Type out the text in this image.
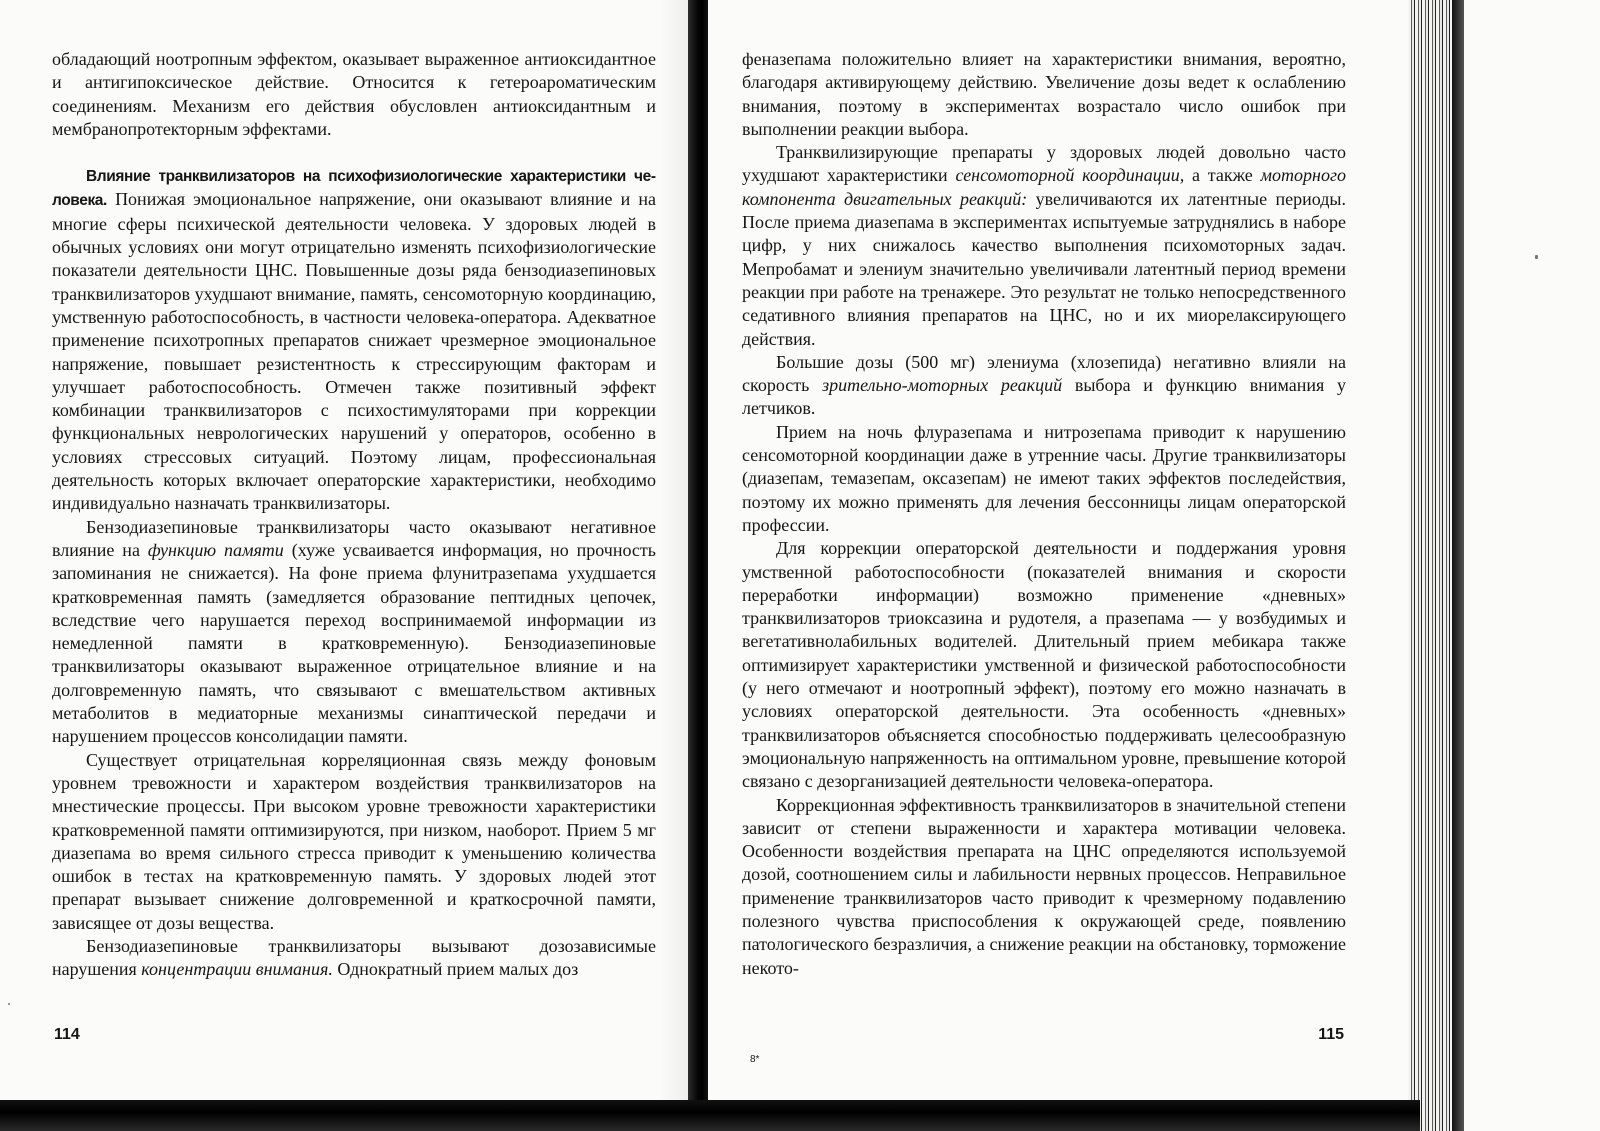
обладающий ноотропным эффектом, оказывает выраженное антиоксидантное и антигипоксическое действие. Относится к гетероароматическим соединениям. Механизм его действия обусловлен антиоксидантным и мембранопротекторным эффектами.

Влияние транквилизаторов на психофизиологические характеристики человека. Понижая эмоциональное напряжение, они оказывают влияние и на многие сферы психической деятельности человека. У здоровых людей в обычных условиях они могут отрицательно изменять психофизиологические показатели деятельности ЦНС. Повышенные дозы ряда бензодиазепиновых транквилизаторов ухудшают внимание, память, сенсомоторную координацию, умственную работоспособность, в частности человека-оператора. Адекватное применение психотропных препаратов снижает чрезмерное эмоциональное напряжение, повышает резистентность к стрессирующим факторам и улучшает работоспособность. Отмечен также позитивный эффект комбинации транквилизаторов с психостимуляторами при коррекции функциональных неврологических нарушений у операторов, особенно в условиях стрессовых ситуаций. Поэтому лицам, профессиональная деятельность которых включает операторские характеристики, необходимо индивидуально назначать транквилизаторы.

Бензодиазепиновые транквилизаторы часто оказывают негативное влияние на функцию памяти (хуже усваивается информация, но прочность запоминания не снижается). На фоне приема флунитразепама ухудшается кратковременная память (замедляется образование пептидных цепочек, вследствие чего нарушается переход воспринимаемой информации из немедленной памяти в кратковременную). Бензодиазепиновые транквилизаторы оказывают выраженное отрицательное влияние и на долговременную память, что связывают с вмешательством активных метаболитов в медиаторные механизмы синаптической передачи и нарушением процессов консолидации памяти.

Существует отрицательная корреляционная связь между фоновым уровнем тревожности и характером воздействия транквилизаторов на мнестические процессы. При высоком уровне тревожности характеристики кратковременной памяти оптимизируются, при низком, наоборот. Прием 5 мг диазепама во время сильного стресса приводит к уменьшению количества ошибок в тестах на кратковременную память. У здоровых людей этот препарат вызывает снижение долговременной и краткосрочной памяти, зависящее от дозы вещества.

Бензодиазепиновые транквилизаторы вызывают дозозависимые нарушения концентрации внимания. Однократный прием малых доз

114

феназепама положительно влияет на характеристики внимания, вероятно, благодаря активирующему действию. Увеличение дозы ведет к ослаблению внимания, поэтому в экспериментах возрастало число ошибок при выполнении реакции выбора.

Транквилизирующие препараты у здоровых людей довольно часто ухудшают характеристики сенсомоторной координации, а также моторного компонента двигательных реакций: увеличиваются их латентные периоды. После приема диазепама в экспериментах испытуемые затруднялись в наборе цифр, у них снижалось качество выполнения психомоторных задач. Мепробамат и элениум значительно увеличивали латентный период времени реакции при работе на тренажере. Это результат не только непосредственного седативного влияния препаратов на ЦНС, но и их миорелаксирующего действия.

Большие дозы (500 мг) элениума (хлозепида) негативно влияли на скорость зрительно-моторных реакций выбора и функцию внимания у летчиков.

Прием на ночь флуразепама и нитрозепама приводит к нарушению сенсомоторной координации даже в утренние часы. Другие транквилизаторы (диазепам, темазепам, оксазепам) не имеют таких эффектов последействия, поэтому их можно применять для лечения бессонницы лицам операторской профессии.

Для коррекции операторской деятельности и поддержания уровня умственной работоспособности (показателей внимания и скорости переработки информации) возможно применение «дневных» транквилизаторов триоксазина и рудотеля, а празепама — у возбудимых и вегетативнолабильных водителей. Длительный прием мебикара также оптимизирует характеристики умственной и физической работоспособности (у него отмечают и ноотропный эффект), поэтому его можно назначать в условиях операторской деятельности. Эта особенность «дневных» транквилизаторов объясняется способностью поддерживать целесообразную эмоциональную напряженность на оптимальном уровне, превышение которой связано с дезорганизацией деятельности человека-оператора.

Коррекционная эффективность транквилизаторов в значительной степени зависит от степени выраженности и характера мотивации человека. Особенности воздействия препарата на ЦНС определяются используемой дозой, соотношением силы и лабильности нервных процессов. Неправильное применение транквилизаторов часто приводит к чрезмерному подавлению полезного чувства приспособления к окружающей среде, появлению патологического безразличия, а снижение реакции на обстановку, торможение некото-

115
8*
